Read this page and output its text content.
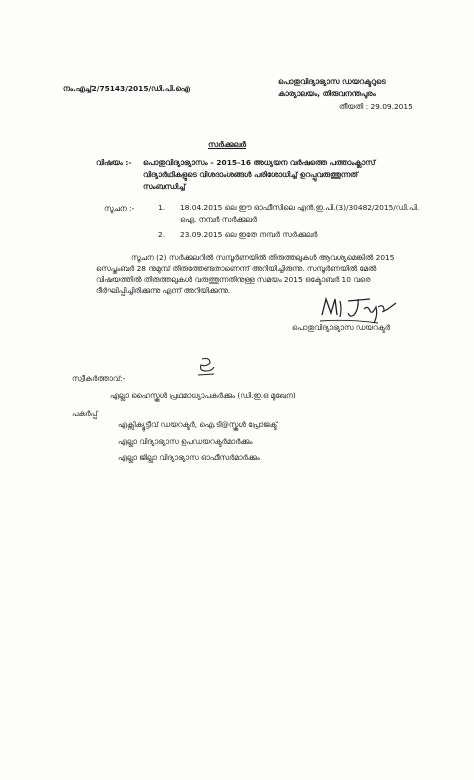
നം.എച്ച്2/75143/2015/ഡി.പി.ഐ
പൊതുവിദ്യാഭ്യാസ ഡയറക്ടറുടെ
കാര്യാലയം, തിരുവനന്തപുരം
തീയതി : 29.09.2015
സർക്കുലർ
വിഷയം :- പൊതുവിദ്യാഭ്യാസം – 2015–16 അധ്യയന വർഷത്തെ പത്താംക്ലാസ്
വിദ്യാർഥികളുടെ വിശദാംശങ്ങൾ പരിശോധിച്ച് ഉറപ്പുവരുത്തുന്നത്
സംബന്ധിച്ച്
സൂചന :-	1. 18.04.2015 ലെ ഈ ഓഫീസിലെ എൻ.ഇ.പി.(3)/30482/2015/ഡി.പി.
ഐ. നമ്പർ സർക്കുലർ
2. 23.09.2015 ലെ ഇതേ നമ്പർ സർക്കുലർ
സൂചന (2) സർക്കുലറിൽ സമ്പൂർണയിൽ തിരുത്തലുകൾ ആവശ്യമെങ്കിൽ 2015
സെപ്തംബർ 28 നുമുമ്പ് തിരുത്തേണ്ടതാണെന്ന് അറിയിച്ചിരുന്നു. സമ്പൂർണയിൽ മേൽ
വിഷയത്തിൽ തിരുത്തലുകൾ വരുത്തുന്നതിനുള്ള സമയം 2015 ഒക്ടോബർ 10 വരെ
ദീർഘിപ്പിച്ചിരിക്കുന്നു എന്ന് അറിയിക്കുന്നു.
പൊതുവിദ്യാഭ്യാസ ഡയറക്ടർ
സ്വീകർത്താവ്:-
എല്ലാ ഹൈസ്കൂൾ പ്രഥമാധ്യാപകർക്കും (ഡി.ഇ.ഒ മുഖേന)
പകർപ്പ്
എക്സിക്യൂട്ടീവ് ഡയറക്ടർ, ഐ.ടി@സ്കൂൾ പ്രോജക്ട്
എല്ലാ വിദ്യാഭ്യാസ ഉപഡയറക്ടർമാർക്കും
എല്ലാ ജില്ലാ വിദ്യാഭ്യാസ ഓഫീസർമാർക്കും
